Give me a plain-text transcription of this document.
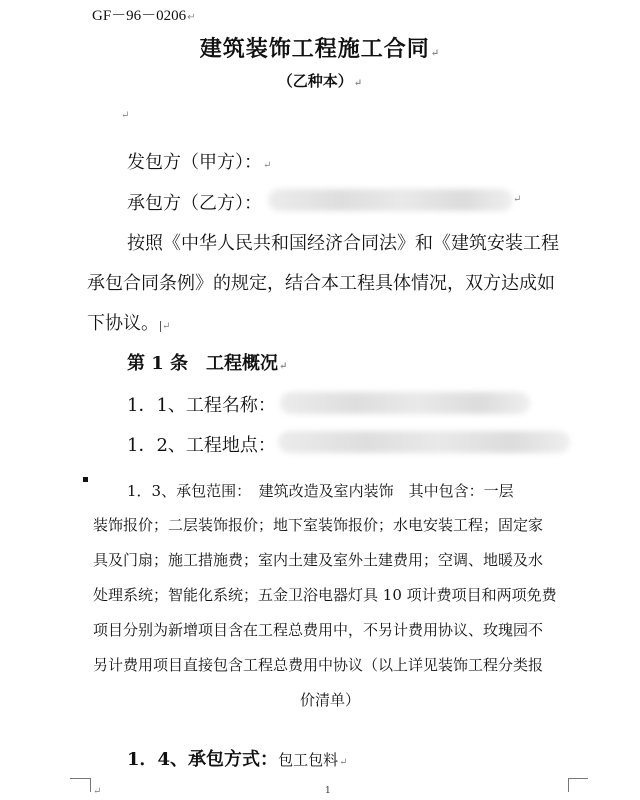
GF－96－0206↵
建筑装饰工程施工合同↵
（乙种本）↵
↵
发包方（甲方）：↵
承包方（乙方）：	↵
按照《中华人民共和国经济合同法》和《建筑安装工程
承包合同条例》的规定，结合本工程具体情况，双方达成如
下协议。 ↵
第 1 条　工程概况↵
1．1、工程名称：
1．2、工程地点：
1．3、承包范围：　建筑改造及室内装饰　其中包含：一层
装饰报价；二层装饰报价；地下室装饰报价；水电安装工程；固定家
具及门扇；施工措施费；室内土建及室外土建费用；空调、地暖及水
处理系统；智能化系统；五金卫浴电器灯具 10 项计费项目和两项免费
项目分别为新增项目含在工程总费用中，不另计费用协议、玫瑰园不
另计费用项目直接包含工程总费用中协议（以上详见装饰工程分类报
价清单）
1．4、承包方式：包工包料↵
↵	1
